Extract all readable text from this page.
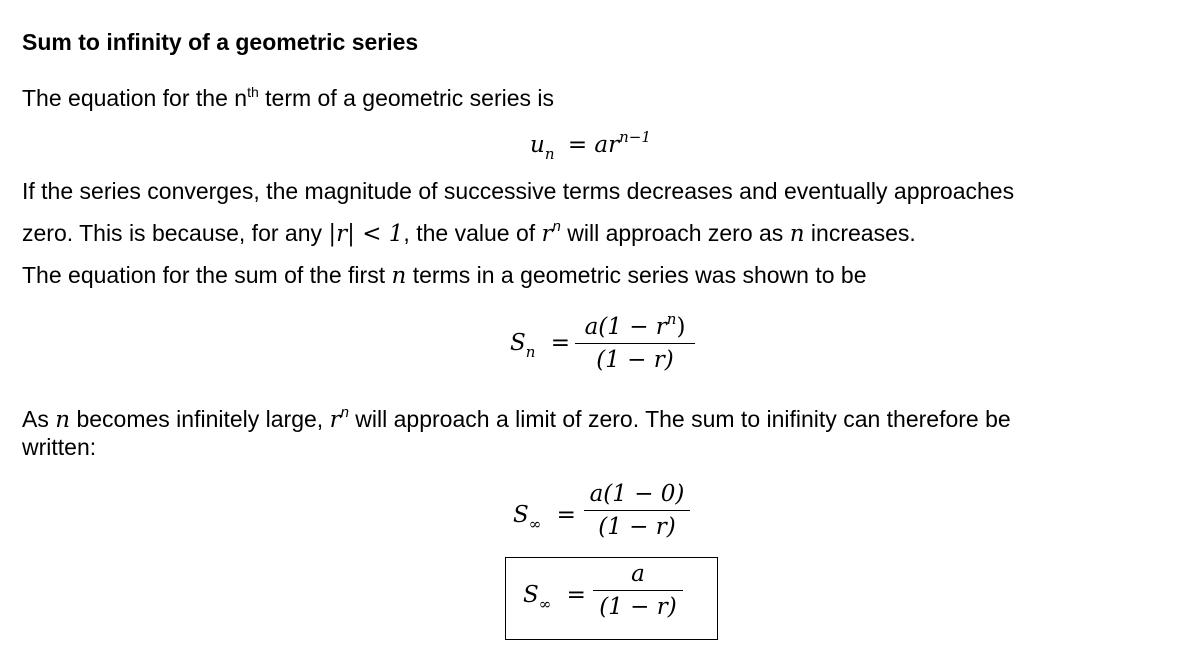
Sum to infinity of a geometric series
The equation for the $n^{th}$ term of a geometric series is
$u_n = ar^{n-1}$
If the series converges, the magnitude of successive terms decreases and eventually approaches
zero. This is because, for any |r| < 1, the value of $r^n$ will approach zero as n increases.
The equation for the sum of the first n terms in a geometric series was shown to be
$S_n$ =
$a(1 - r^n)$
(1 − r)
As n becomes infinitely large, $r^n$ will approach a limit of zero. The sum to inifinity can therefore be
written:
$S_\infty$ =
a(1 − 0)
(1 − r)
$S_\infty$ =
a
(1 − r)
